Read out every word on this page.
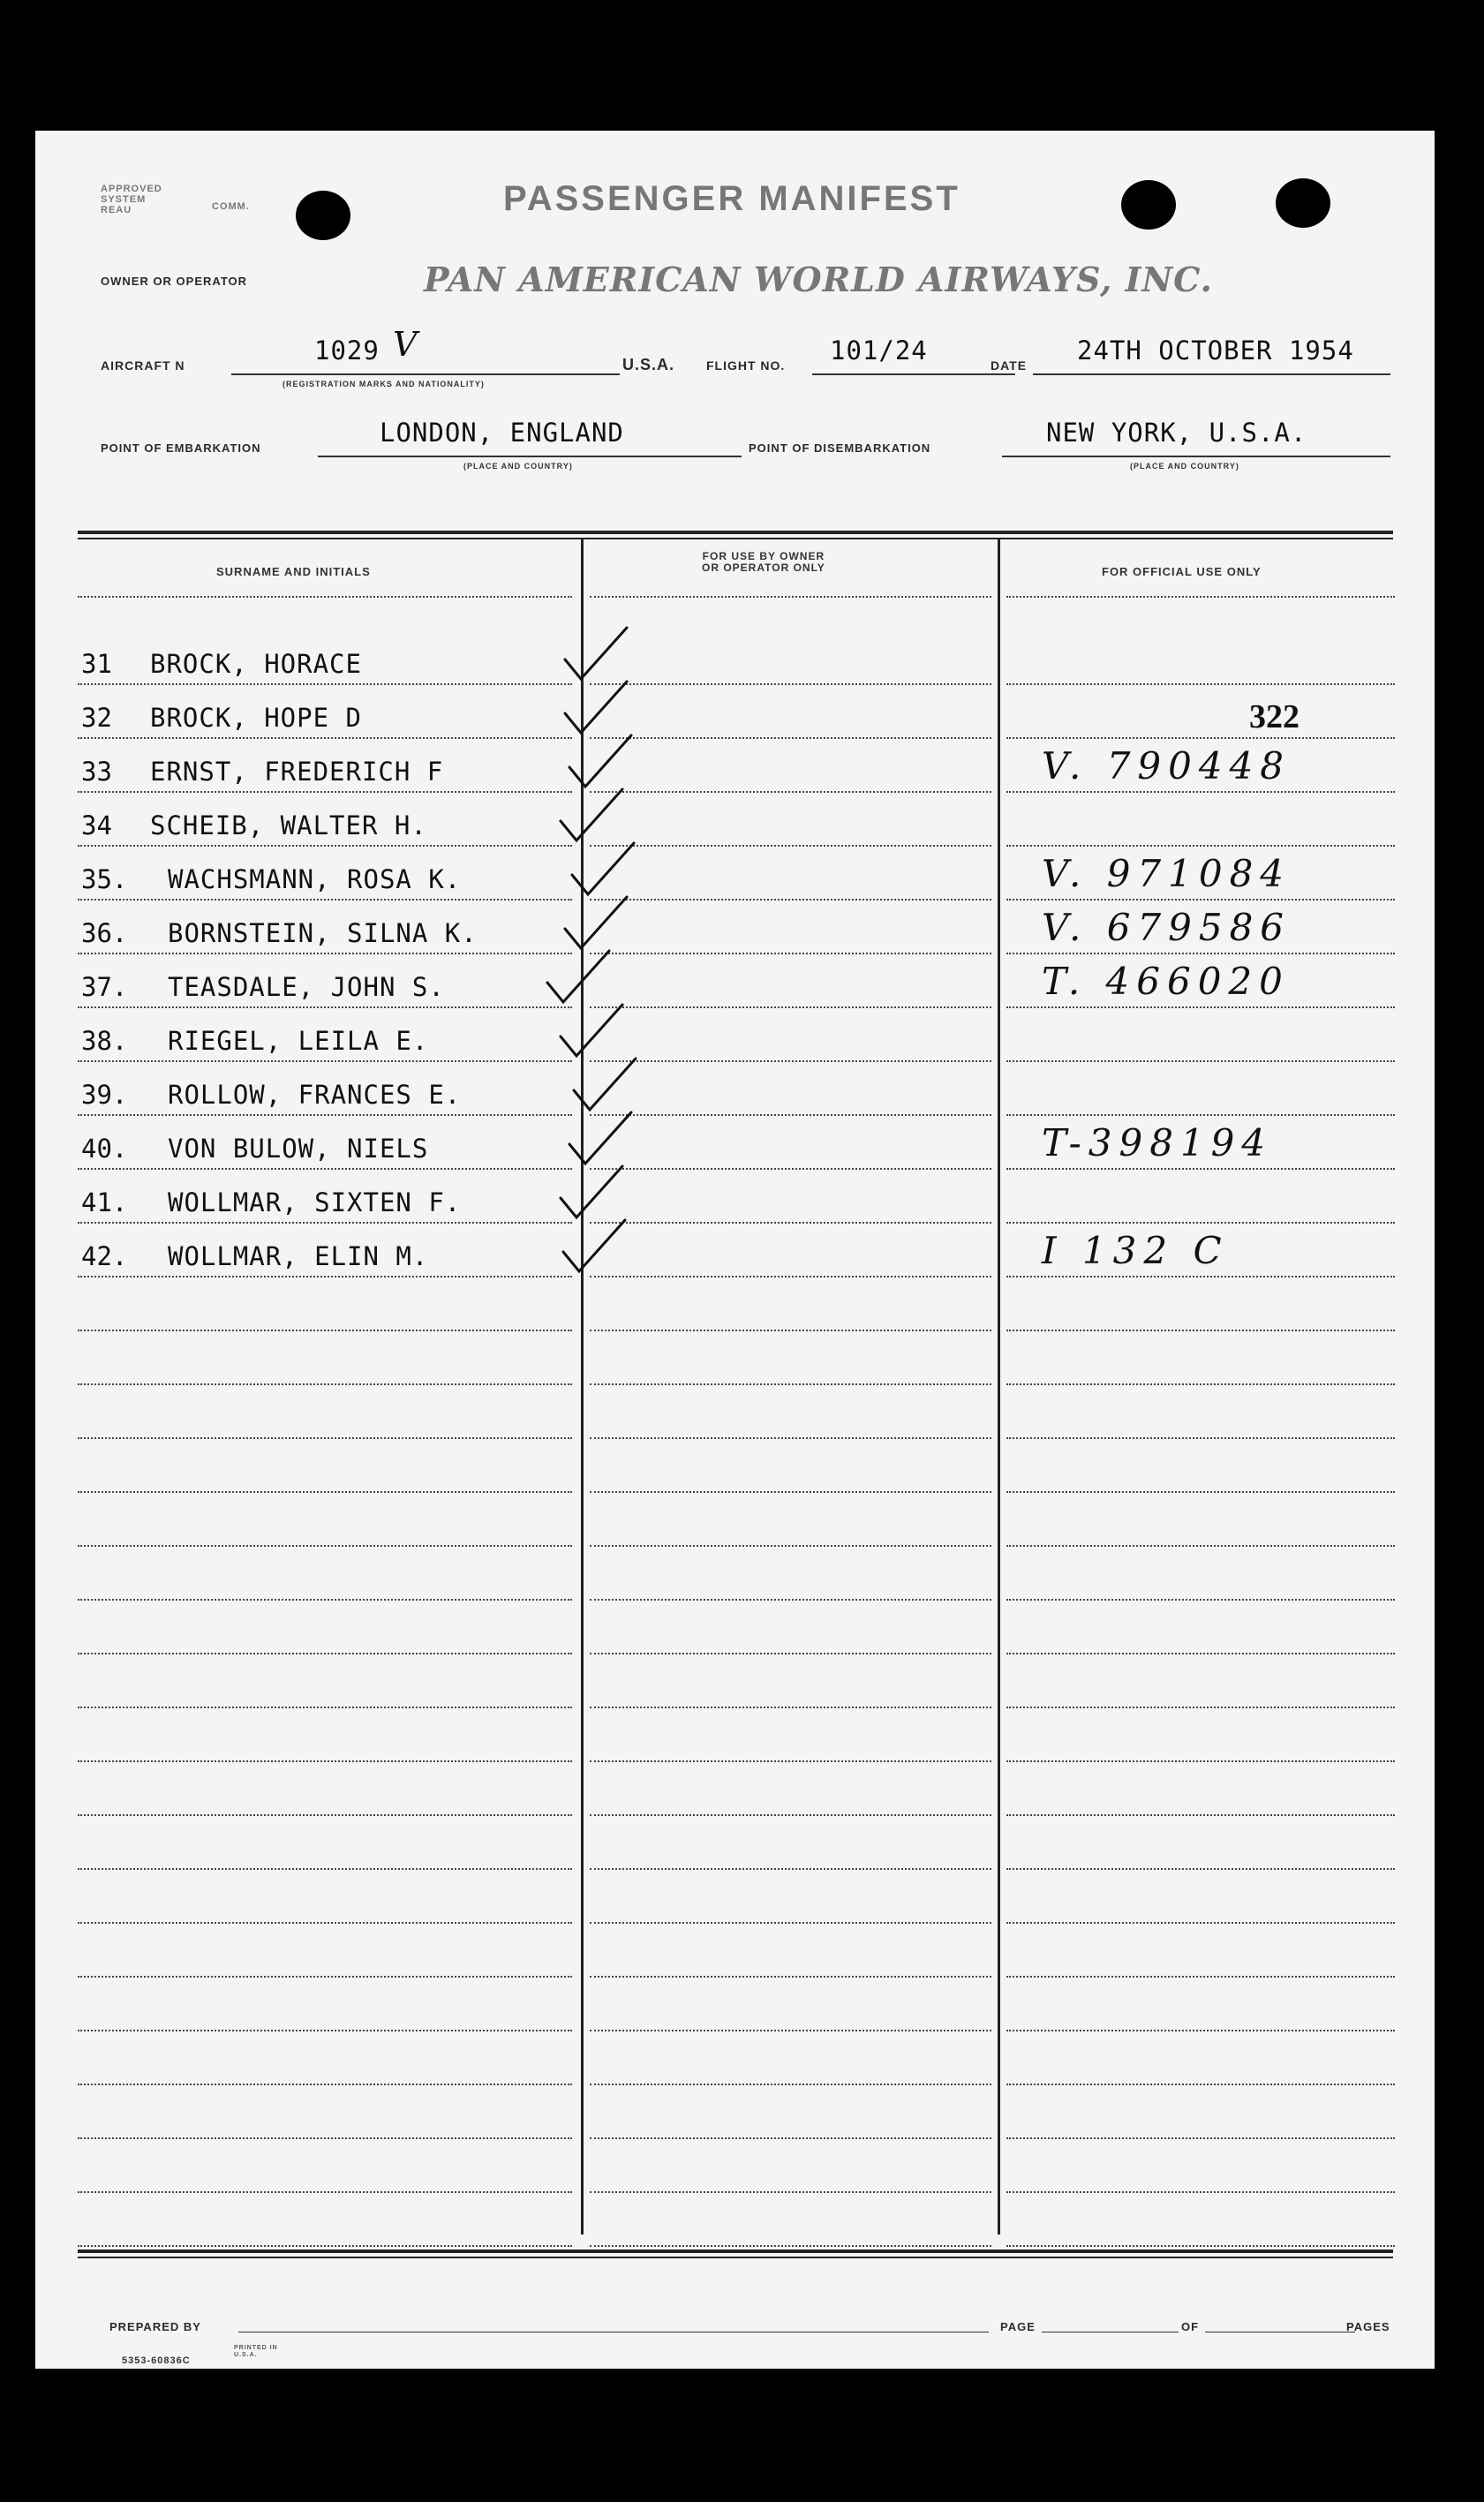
APPROVED
SYSTEM
REAU	COMM.	PASSENGER MANIFEST
OWNER OR OPERATOR	PAN AMERICAN WORLD AIRWAYS, INC.
AIRCRAFT N	1029 V
(REGISTRATION MARKS AND NATIONALITY)
U.S.A.	FLIGHT NO. 101/24	DATE 24TH OCTOBER 1954
POINT OF EMBARKATION
LONDON, ENGLAND
(PLACE AND COUNTRY)
POINT OF DISEMBARKATION
NEW YORK, U.S.A.
(PLACE AND COUNTRY)
SURNAME AND INITIALS
FOR USE BY OWNER
OR OPERATOR ONLY	FOR OFFICIAL USE ONLY
31 BROCK, HORACE
32 BROCK, HOPE D	322
33 ERNST, FREDERICH F	V. 790448
34 SCHEIB, WALTER H.
35. WACHSMANN, ROSA K.	V. 971084
36. BORNSTEIN, SILNA K.	V. 679586
37. TEASDALE, JOHN S.	T. 466020
38. RIEGEL, LEILA E.
39. ROLLOW, FRANCES E.
40. VON BULOW, NIELS	T-398194
41. WOLLMAR, SIXTEN F.
42. WOLLMAR, ELIN M.	I 132 C
PREPARED BY	PAGE	OF	PAGES
5353-60836C
PRINTED IN U.S.A.
